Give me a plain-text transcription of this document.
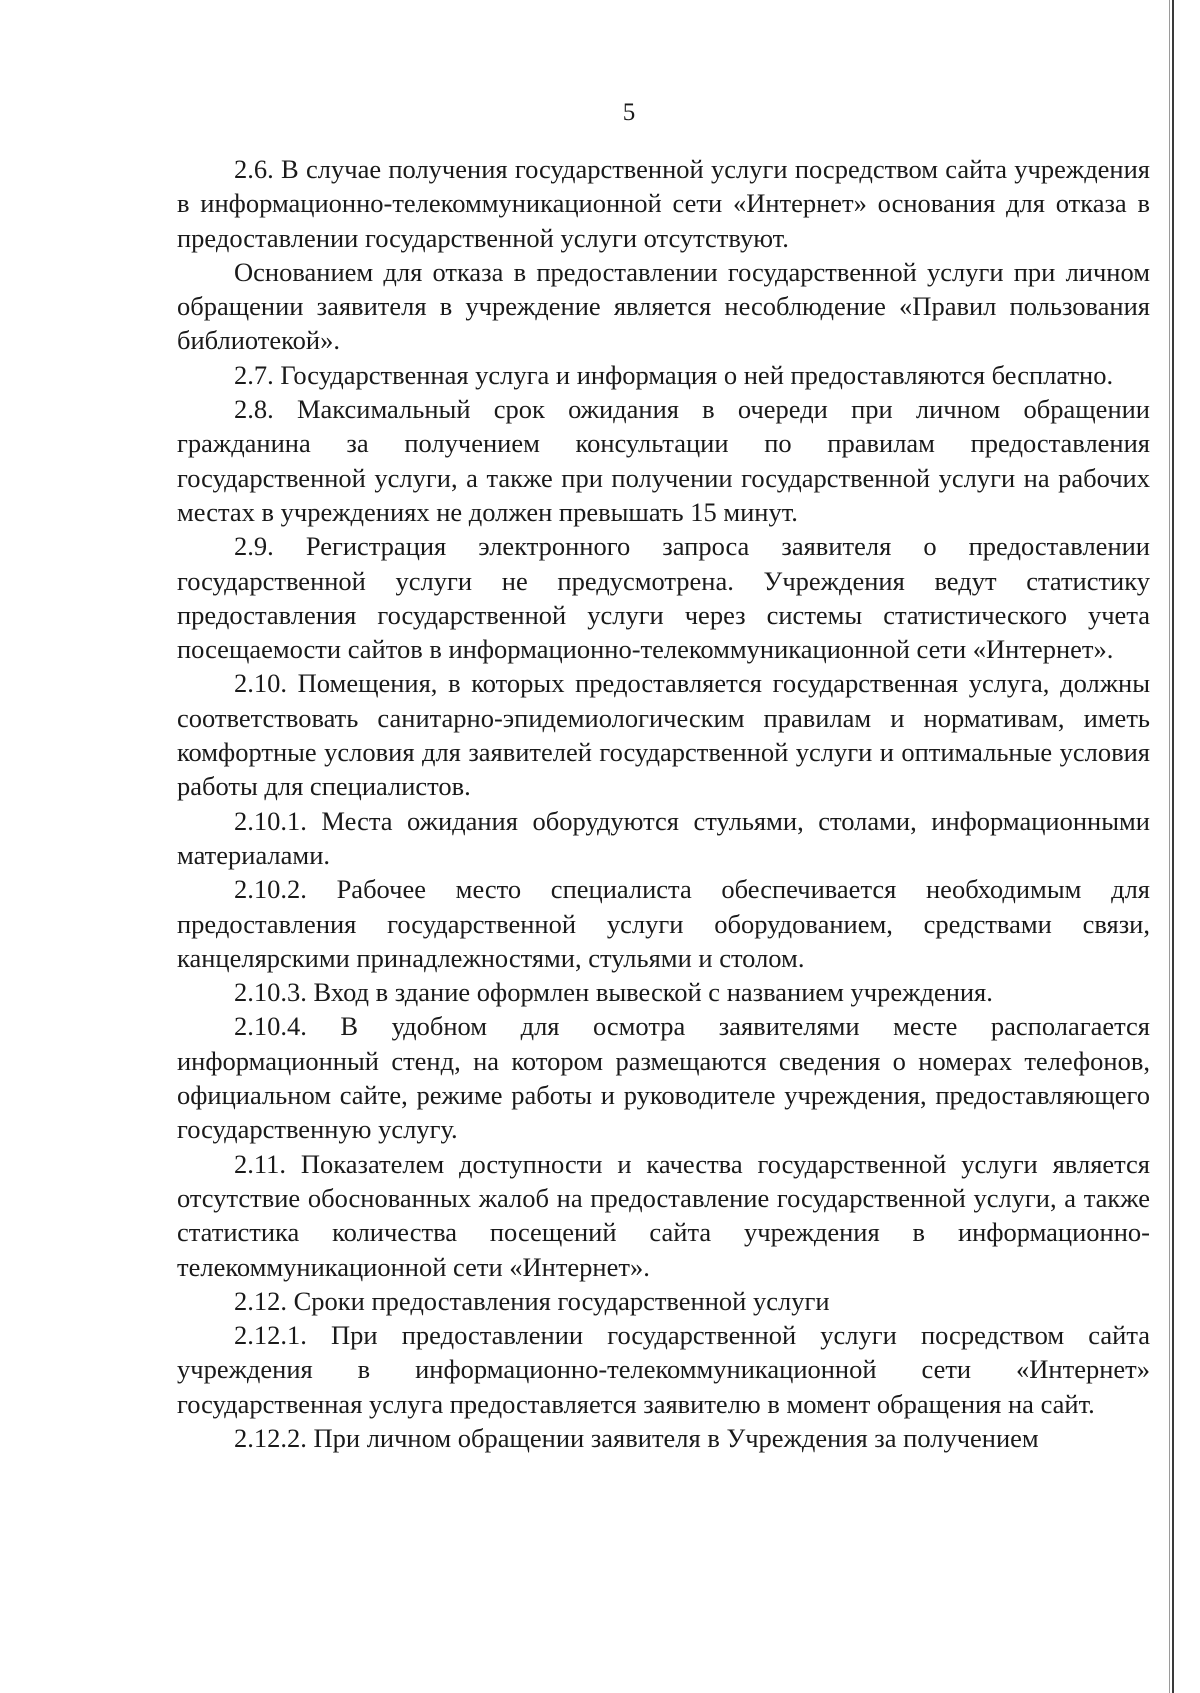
5

2.6. В случае получения государственной услуги посредством сайта учреждения в информационно-телекоммуникационной сети «Интернет» основания для отказа в предоставлении государственной услуги отсутствуют.

Основанием для отказа в предоставлении государственной услуги при личном обращении заявителя в учреждение является несоблюдение «Правил пользования библиотекой».

2.7. Государственная услуга и информация о ней предоставляются бесплатно.

2.8. Максимальный срок ожидания в очереди при личном обращении гражданина за получением консультации по правилам предоставления государственной услуги, а также при получении государственной услуги на рабочих местах в учреждениях не должен превышать 15 минут.

2.9. Регистрация электронного запроса заявителя о предоставлении государственной услуги не предусмотрена. Учреждения ведут статистику предоставления государственной услуги через системы статистического учета посещаемости сайтов в информационно-телекоммуникационной сети «Интернет».

2.10. Помещения, в которых предоставляется государственная услуга, должны соответствовать санитарно-эпидемиологическим правилам и нормативам, иметь комфортные условия для заявителей государственной услуги и оптимальные условия работы для специалистов.

2.10.1. Места ожидания оборудуются стульями, столами, информационными материалами.

2.10.2. Рабочее место специалиста обеспечивается необходимым для предоставления государственной услуги оборудованием, средствами связи, канцелярскими принадлежностями, стульями и столом.

2.10.3. Вход в здание оформлен вывеской с названием учреждения.

2.10.4. В удобном для осмотра заявителями месте располагается информационный стенд, на котором размещаются сведения о номерах телефонов, официальном сайте, режиме работы и руководителе учреждения, предоставляющего государственную услугу.

2.11. Показателем доступности и качества государственной услуги является отсутствие обоснованных жалоб на предоставление государственной услуги, а также статистика количества посещений сайта учреждения в информационно-телекоммуникационной сети «Интернет».

2.12. Сроки предоставления государственной услуги

2.12.1. При предоставлении государственной услуги посредством сайта учреждения в информационно-телекоммуникационной сети «Интернет» государственная услуга предоставляется заявителю в момент обращения на сайт.

2.12.2. При личном обращении заявителя в Учреждения за получением
